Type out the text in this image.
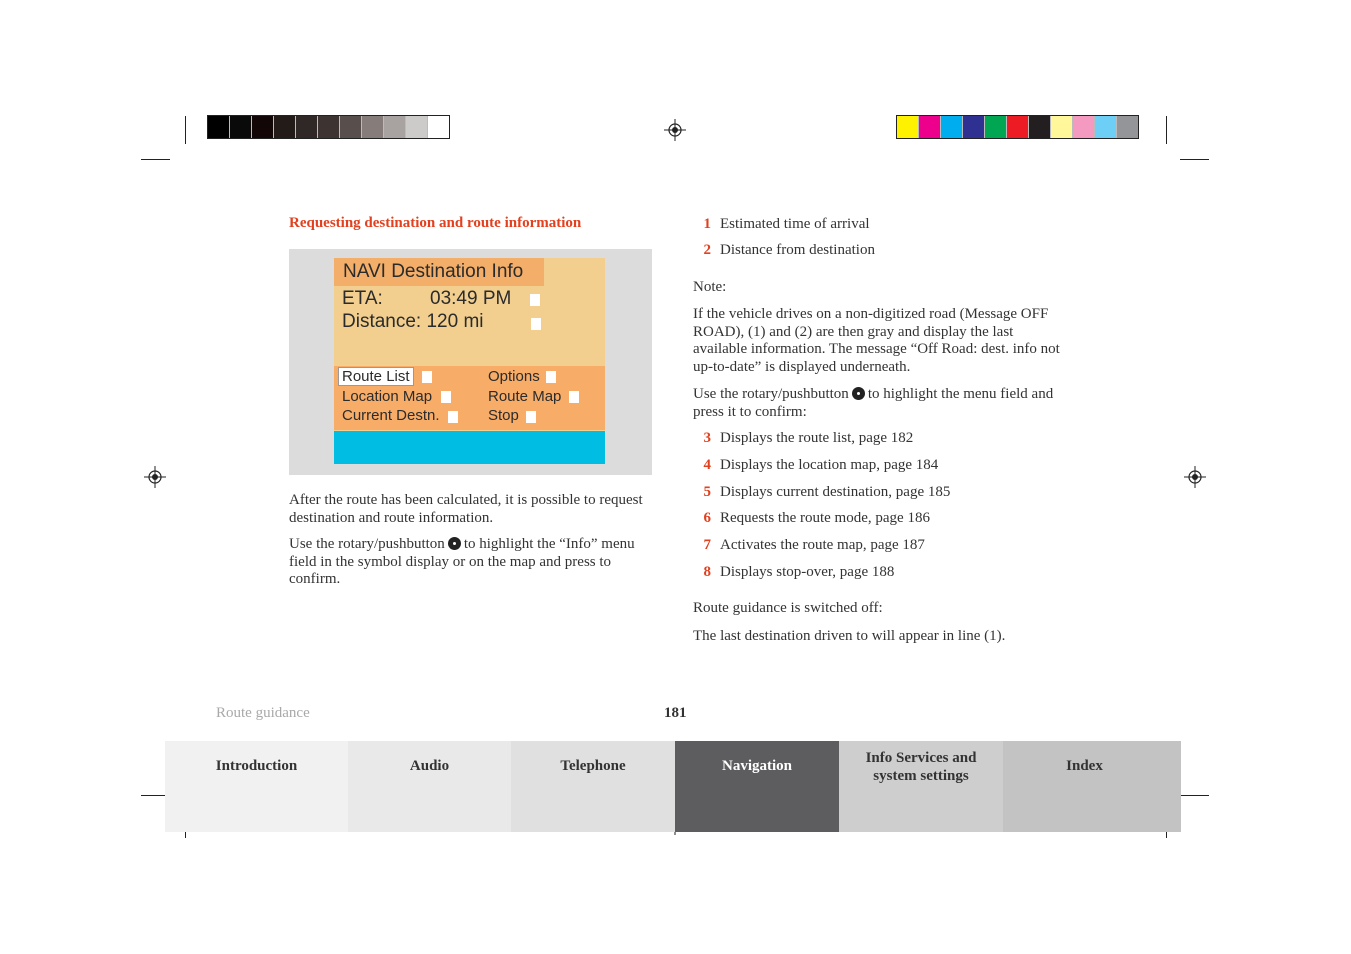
Requesting destination and route information
NAVI Destination Info
ETA: 03:49 PM
Distance: 120 mi
Route List
Location Map
Current Destn.
Options
Route Map
Stop
After the route has been calculated, it is possible to request destination and route information.
Use the rotary/pushbutton to highlight the “Info” menu field in the symbol display or on the map and press to confirm.
1 Estimated time of arrival
2 Distance from destination
Note:
If the vehicle drives on a non-digitized road (Message OFF ROAD), (1) and (2) are then gray and display the last available information. The message “Off Road: dest. info not up-to-date” is displayed underneath.
Use the rotary/pushbutton to highlight the menu field and press it to confirm:
3 Displays the route list, page 182
4 Displays the location map, page 184
5 Displays current destination, page 185
6 Requests the route mode, page 186
7 Activates the route map, page 187
8 Displays stop-over, page 188
Route guidance is switched off:
The last destination driven to will appear in line (1).
Route guidance	181
Introduction	Audio	Telephone	Navigation	Info Services and system settings
Index
